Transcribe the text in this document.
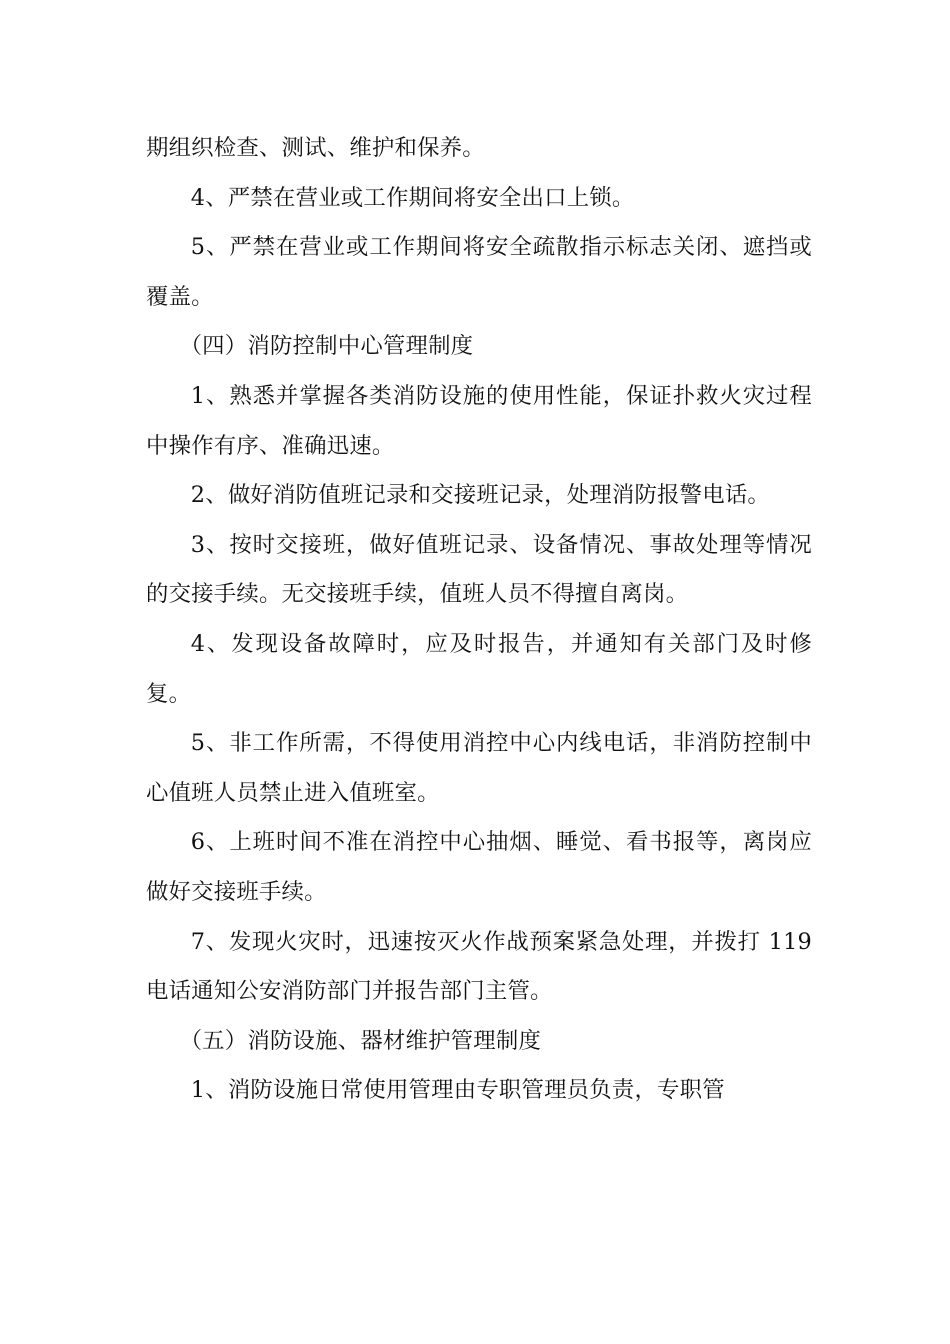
期组织检查、测试、维护和保养。

4、严禁在营业或工作期间将安全出口上锁。

5、严禁在营业或工作期间将安全疏散指示标志关闭、遮挡或覆盖。

（四）消防控制中心管理制度

1、熟悉并掌握各类消防设施的使用性能，保证扑救火灾过程中操作有序、准确迅速。

2、做好消防值班记录和交接班记录，处理消防报警电话。

3、按时交接班，做好值班记录、设备情况、事故处理等情况的交接手续。无交接班手续，值班人员不得擅自离岗。

4、发现设备故障时，应及时报告，并通知有关部门及时修复。

5、非工作所需，不得使用消控中心内线电话，非消防控制中心值班人员禁止进入值班室。

6、上班时间不准在消控中心抽烟、睡觉、看书报等，离岗应做好交接班手续。

7、发现火灾时，迅速按灭火作战预案紧急处理，并拨打 119 电话通知公安消防部门并报告部门主管。

（五）消防设施、器材维护管理制度

1、消防设施日常使用管理由专职管理员负责，专职管
